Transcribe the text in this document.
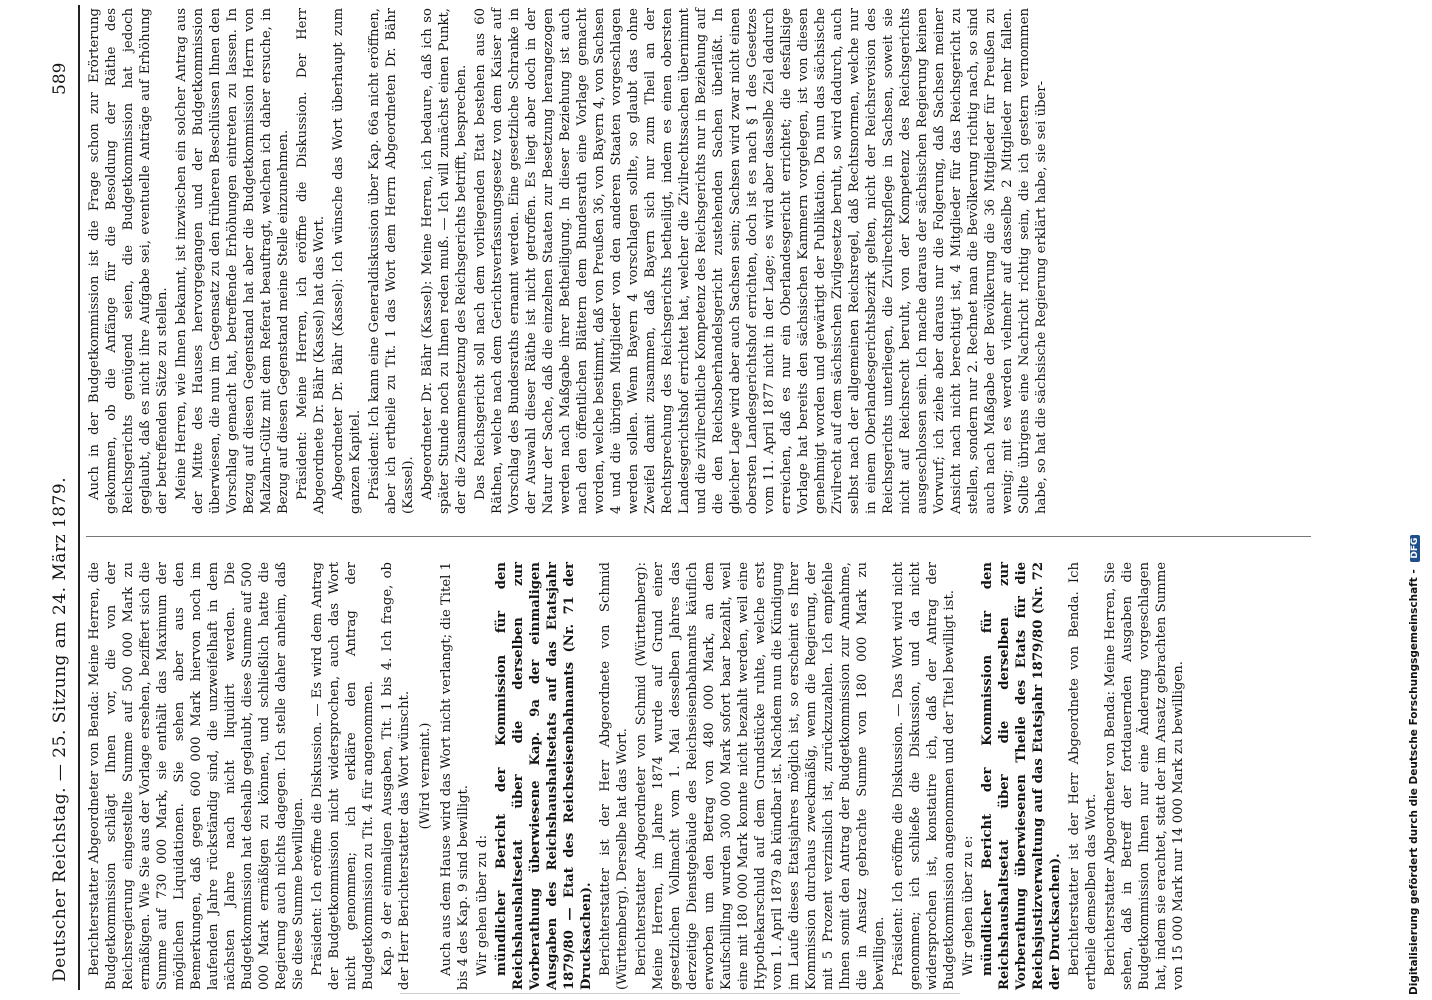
Deutscher Reichstag. — 25. Sitzung am 24. März 1879.
589

Berichterstatter Abgeordneter von Benda: Meine Herren, die Budgetkommission schlägt Ihnen vor, die von der Reichsregierung eingestellte Summe auf 500 000 Mark zu ermäßigen. Wie Sie aus der Vorlage ersehen, beziffert sich die Summe auf 730 000 Mark, sie enthält das Maximum der möglichen Liquidationen. Sie sehen aber aus den Bemerkungen, daß gegen 600 000 Mark hiervon noch im laufenden Jahre rückständig sind, die unzweifelhaft in dem nächsten Jahre nach nicht liquidirt werden. Die Budgetkommission hat deshalb geglaubt, diese Summe auf 500 000 Mark ermäßigen zu können, und schließlich hatte die Regierung auch nichts dagegen. Ich stelle daher anheim, daß Sie diese Summe bewilligen. Präsident: Ich eröffne die Diskussion. — Es wird dem Antrag der Budgetkommission nicht widersprochen, auch das Wort nicht genommen; ich erkläre den Antrag der Budgetkommission zu Tit. 4 für angenommen. Kap. 9 der einmaligen Ausgaben, Tit. 1 bis 4. Ich frage, ob der Herr Berichterstatter das Wort wünscht. (Wird verneint.) Auch aus dem Hause wird das Wort nicht verlangt; die Titel 1 bis 4 des Kap. 9 sind bewilligt. Wir gehen über zu d: mündlicher Bericht der Kommission für den Reichshaushaltsetat über die derselben zur Vorberathung überwiesene Kap. 9a der einmaligen Ausgaben des Reichshaushaltsetats auf das Etatsjahr 1879/80 — Etat des Reichseisenbahnamts (Nr. 71 der Drucksachen). Berichterstatter ist der Herr Abgeordnete von Schmid (Württemberg). Derselbe hat das Wort. Berichterstatter Abgeordneter von Schmid (Württemberg): Meine Herren, im Jahre 1874 wurde auf Grund einer gesetzlichen Vollmacht vom 1. Mai desselben Jahres das derzeitige Dienstgebäude des Reichseisenbahnamts käuflich erworben um den Betrag von 480 000 Mark, an dem Kaufschilling wurden 300 000 Mark sofort baar bezahlt, weil eine mit 180 000 Mark konnte nicht bezahlt werden, weil eine Hypothekarschuld auf dem Grundstücke ruhte, welche erst vom 1. April 1879 ab kündbar ist. Nachdem nun die Kündigung im Laufe dieses Etatsjahres möglich ist, so erscheint es Ihrer Kommission durchaus zweckmäßig, wenn die Regierung, der mit 5 Prozent verzinslich ist, zurückzuzahlen. Ich empfehle Ihnen somit den Antrag der Budgetkommission zur Annahme, die in Ansatz gebrachte Summe von 180 000 Mark zu bewilligen. Präsident: Ich eröffne die Diskussion. — Das Wort wird nicht genommen; ich schließe die Diskussion, und da nicht widersprochen ist, konstatire ich, daß der Antrag der Budgetkommission angenommen und der Titel bewilligt ist. Wir gehen über zu e: mündlicher Bericht der Kommission für den Reichshaushaltsetat über die derselben zur Vorberathung überwiesenen Theile des Etats für die Reichsjustizverwaltung auf das Etatsjahr 1879/80 (Nr. 72 der Drucksachen). Berichterstatter ist der Herr Abgeordnete von Benda. Ich ertheile demselben das Wort. Berichterstatter Abgeordneter von Benda: Meine Herren, Sie sehen, daß in Betreff der fortdauernden Ausgaben die Budgetkommission Ihnen nur eine Änderung vorgeschlagen hat, indem sie erachtet, statt der im Ansatz gebrachten Summe von 15 000 Mark nur 14 000 Mark zu bewilligen.

Auch in der Budgetkommission ist die Frage schon zur Erörterung gekommen, ob die Anfänge für die Besoldung der Räthe des Reichsgerichts genügend seien, die Budgetkommission hat jedoch geglaubt, daß es nicht ihre Aufgabe sei, eventuelle Anträge auf Erhöhung der betreffenden Sätze zu stellen. Meine Herren, wie Ihnen bekannt, ist inzwischen ein solcher Antrag aus der Mitte des Hauses hervorgegangen und der Budgetkommission überwiesen, die nun im Gegensatz zu den früheren Beschlüssen Ihnen den Vorschlag gemacht hat, betreffende Erhöhungen eintreten zu lassen. In Bezug auf diesen Gegenstand hat aber die Budgetkommission Herrn von Malzahn-Gültz mit dem Referat beauftragt, welchen ich daher ersuche, in Bezug auf diesen Gegenstand meine Stelle einzunehmen. Präsident: Meine Herren, ich eröffne die Diskussion. Der Herr Abgeordnete Dr. Bähr (Kassel) hat das Wort. Abgeordneter Dr. Bähr (Kassel): Ich wünsche das Wort überhaupt zum ganzen Kapitel. Präsident: Ich kann eine Generaldiskussion über Kap. 66a nicht eröffnen, aber ich ertheile zu Tit. 1 das Wort dem Herrn Abgeordneten Dr. Bähr (Kassel). Abgeordneter Dr. Bähr (Kassel): Meine Herren, ich bedaure, daß ich so später Stunde noch zu Ihnen reden muß. — Ich will zunächst einen Punkt, der die Zusammensetzung des Reichsgerichts betrifft, besprechen. Das Reichsgericht soll nach dem vorliegenden Etat bestehen aus 60 Räthen, welche nach dem Gerichtsverfassungsgesetz von dem Kaiser auf Vorschlag des Bundesraths ernannt werden. Eine gesetzliche Schranke in der Auswahl dieser Räthe ist nicht getroffen. Es liegt aber doch in der Natur der Sache, daß die einzelnen Staaten zur Besetzung herangezogen werden nach Maßgabe ihrer Betheiligung. In dieser Beziehung ist auch nach den öffentlichen Blättern dem Bundesrath eine Vorlage gemacht worden, welche bestimmt, daß von Preußen 36, von Bayern 4, von Sachsen 4 und die übrigen Mitglieder von den anderen Staaten vorgeschlagen werden sollen. Wenn Bayern 4 vorschlagen sollte, so glaubt das ohne Zweifel damit zusammen, daß Bayern sich nur zum Theil an der Rechtsprechung des Reichsgerichts betheiligt, indem es einen obersten Landesgerichtshof errichtet hat, welcher die Zivilrechtssachen übernimmt und die zivilrechtliche Kompetenz des Reichsgerichts nur in Beziehung auf die den Reichsoberhandelsgericht zustehenden Sachen überläßt. In gleicher Lage wird aber auch Sachsen sein; Sachsen wird zwar nicht einen obersten Landesgerichtshof errichten, doch ist es nach § 1 des Gesetzes vom 11. April 1877 nicht in der Lage; es wird aber dasselbe Ziel dadurch erreichen, daß es nur ein Oberlandesgericht errichtet; die desfallsige Vorlage hat bereits den sächsischen Kammern vorgelegen, ist von diesen genehmigt worden und gewärtigt der Publikation. Da nun das sächsische Zivilrecht auf dem sächsischen Zivilgesetze beruht, so wird dadurch, auch selbst nach der allgemeinen Reichsregel, daß Rechtsnormen, welche nur in einem Oberlandesgerichtsbezirk gelten, nicht der Reichsrevision des Reichsgerichts unterliegen, die Zivilrechtspflege in Sachsen, soweit sie nicht auf Reichsrecht beruht, von der Kompetenz des Reichsgerichts ausgeschlossen sein. Ich mache daraus der sächsischen Regierung keinen Vorwurf; ich ziehe aber daraus nur die Folgerung, daß Sachsen meiner Ansicht nach nicht berechtigt ist, 4 Mitglieder für das Reichsgericht zu stellen, sondern nur 2. Rechnet man die Bevölkerung richtig nach, so sind auch nach Maßgabe der Bevölkerung die 36 Mitglieder für Preußen zu wenig; mit es werden vielmehr auf dasselbe 2 Mitglieder mehr fallen. Sollte übrigens eine Nachricht richtig sein, die ich gestern vernommen habe, so hat die sächsische Regierung erklärt habe, sie sei über-

Digitalisierung gefördert durch die Deutsche Forschungsgemeinschaft - DFG
